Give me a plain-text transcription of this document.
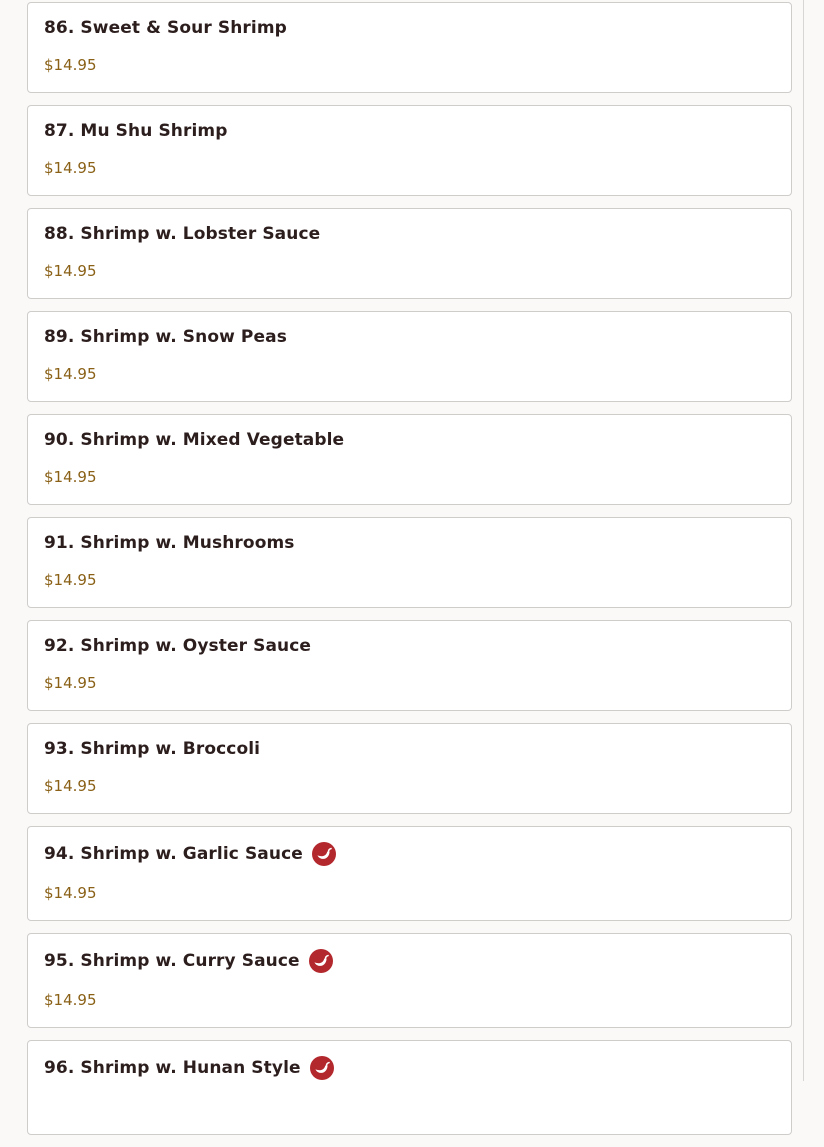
86. Sweet & Sour Shrimp
$14.95
87. Mu Shu Shrimp
$14.95
88. Shrimp w. Lobster Sauce
$14.95
89. Shrimp w. Snow Peas
$14.95
90. Shrimp w. Mixed Vegetable
$14.95
91. Shrimp w. Mushrooms
$14.95
92. Shrimp w. Oyster Sauce
$14.95
93. Shrimp w. Broccoli
$14.95
94. Shrimp w. Garlic Sauce
$14.95
95. Shrimp w. Curry Sauce
$14.95
96. Shrimp w. Hunan Style
